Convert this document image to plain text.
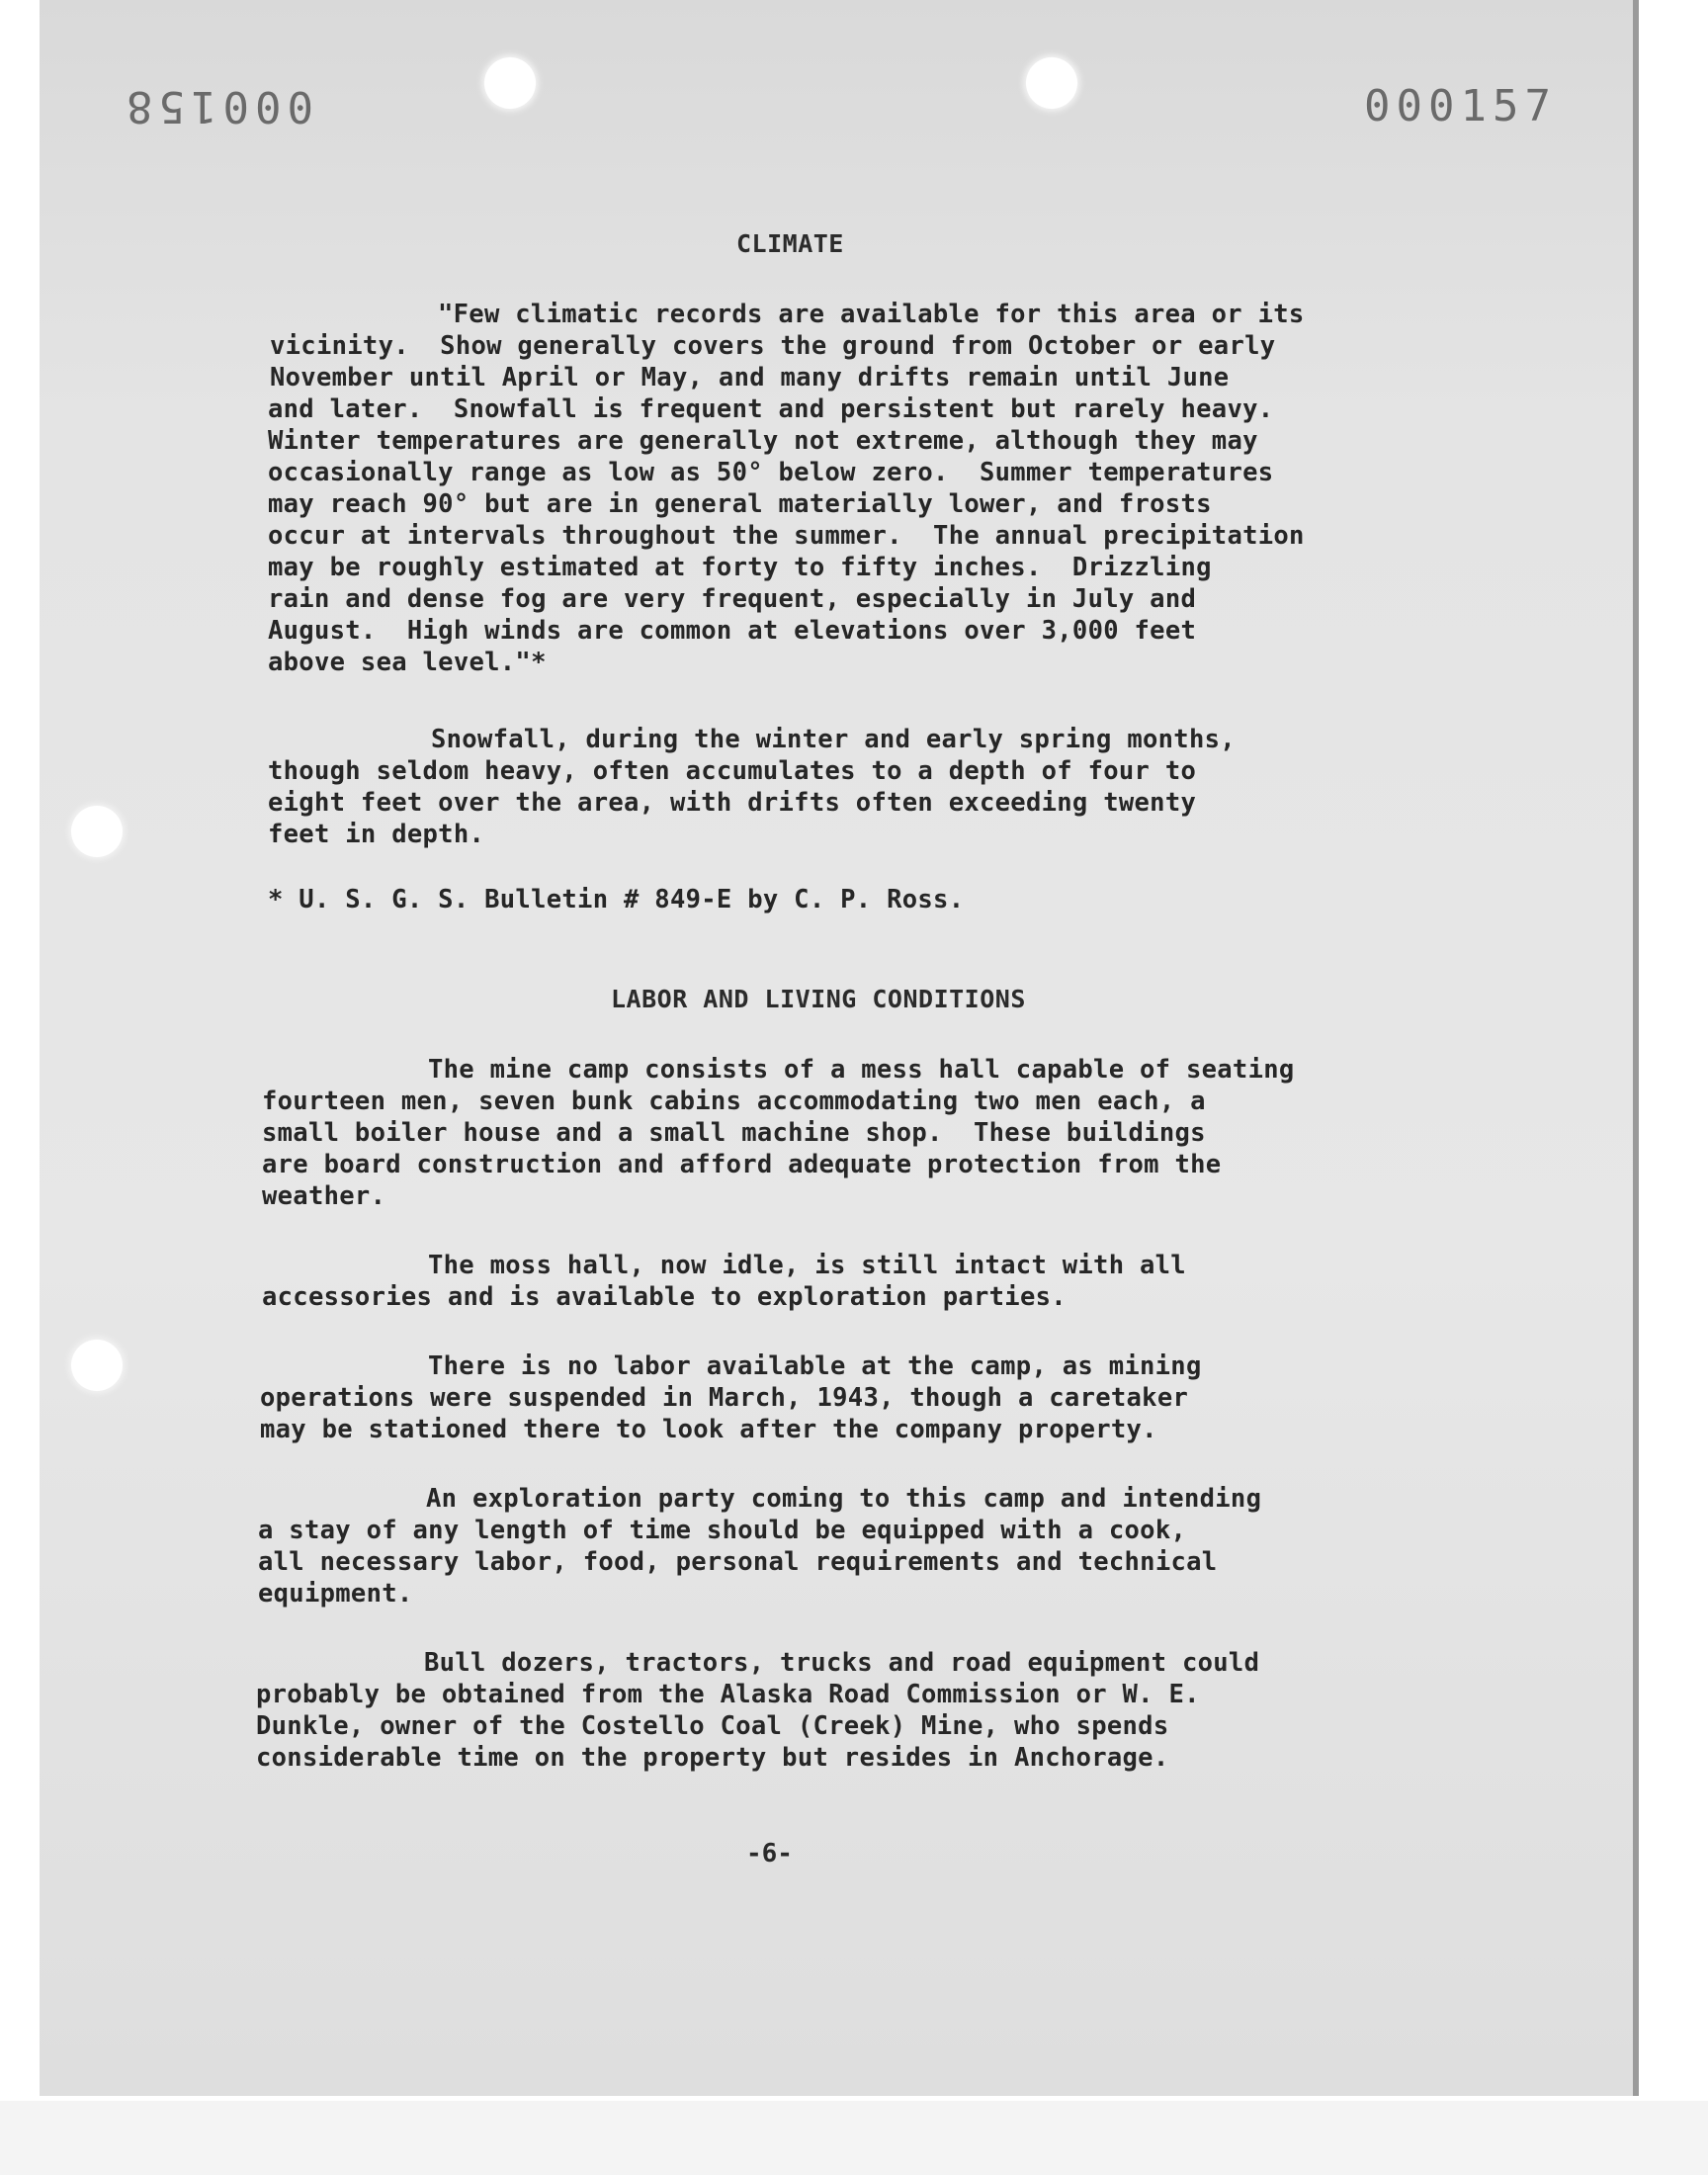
000158	000157
CLIMATE
"Few climatic records are available for this area or its
vicinity.  Show generally covers the ground from October or early
November until April or May, and many drifts remain until June
and later.  Snowfall is frequent and persistent but rarely heavy.
Winter temperatures are generally not extreme, although they may
occasionally range as low as 50° below zero.  Summer temperatures
may reach 90° but are in general materially lower, and frosts
occur at intervals throughout the summer.  The annual precipitation
may be roughly estimated at forty to fifty inches.  Drizzling
rain and dense fog are very frequent, especially in July and
August.  High winds are common at elevations over 3,000 feet
above sea level."*
Snowfall, during the winter and early spring months,
though seldom heavy, often accumulates to a depth of four to
eight feet over the area, with drifts often exceeding twenty
feet in depth.
* U. S. G. S. Bulletin # 849-E by C. P. Ross.
LABOR AND LIVING CONDITIONS
The mine camp consists of a mess hall capable of seating
fourteen men, seven bunk cabins accommodating two men each, a
small boiler house and a small machine shop.  These buildings
are board construction and afford adequate protection from the
weather.
The moss hall, now idle, is still intact with all
accessories and is available to exploration parties.
There is no labor available at the camp, as mining
operations were suspended in March, 1943, though a caretaker
may be stationed there to look after the company property.
An exploration party coming to this camp and intending
a stay of any length of time should be equipped with a cook,
all necessary labor, food, personal requirements and technical
equipment.
Bull dozers, tractors, trucks and road equipment could
probably be obtained from the Alaska Road Commission or W. E.
Dunkle, owner of the Costello Coal (Creek) Mine, who spends
considerable time on the property but resides in Anchorage.
-6-
